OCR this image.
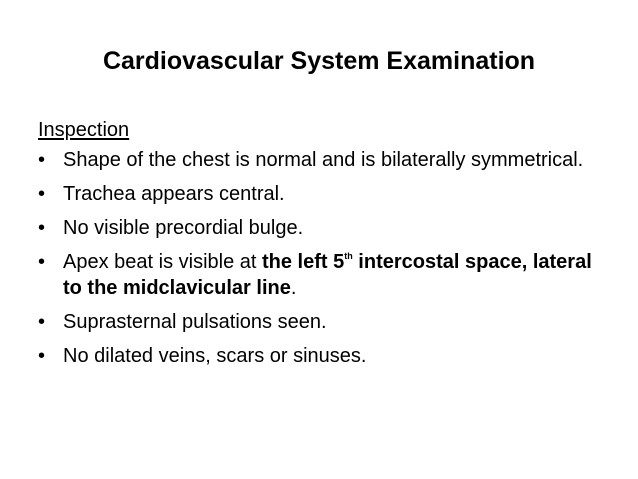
Cardiovascular System Examination
Inspection
• Shape of the chest is normal and is bilaterally symmetrical.
• Trachea appears central.
• No visible precordial bulge.
• Apex beat is visible at the left 5th intercostal space, lateral to the midclavicular line.
• Suprasternal pulsations seen.
• No dilated veins, scars or sinuses.
